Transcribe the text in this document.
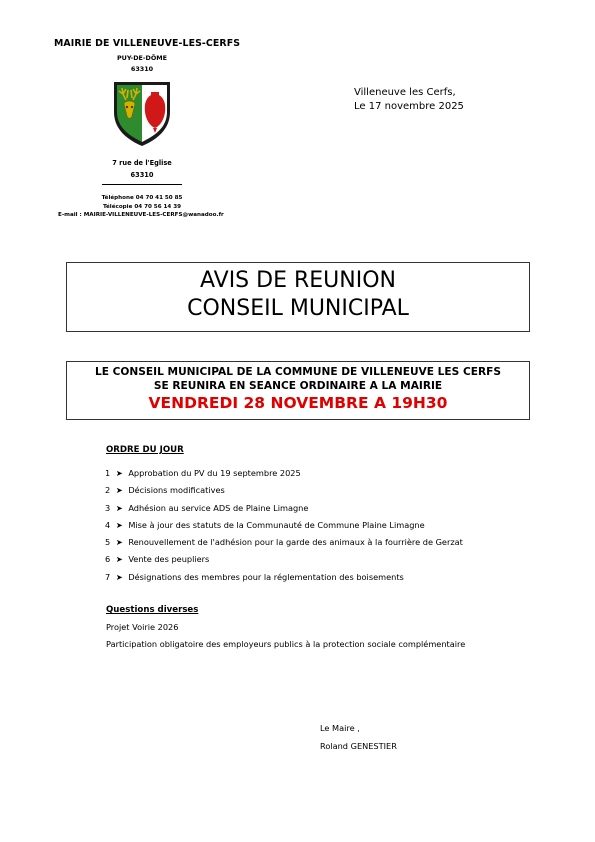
MAIRIE DE VILLENEUVE-LES-CERFS
PUY-DE-DÔME
63310
7 rue de l'Eglise
63310
Téléphone 04 70 41 50 85
Télécopie 04 70 56 14 39
E-mail : MAIRIE-VILLENEUVE-LES-CERFS@wanadoo.fr
Villeneuve les Cerfs,
Le 17 novembre 2025
AVIS DE REUNION
CONSEIL MUNICIPAL
LE CONSEIL MUNICIPAL DE LA COMMUNE DE VILLENEUVE LES CERFS
SE REUNIRA EN SEANCE ORDINAIRE A LA MAIRIE
VENDREDI 28 NOVEMBRE A 19H30
ORDRE DU JOUR
1 ➤ Approbation du PV du 19 septembre 2025
2 ➤ Décisions modificatives
3 ➤ Adhésion au service ADS de Plaine Limagne
4 ➤ Mise à jour des statuts de la Communauté de Commune Plaine Limagne
5 ➤ Renouvellement de l'adhésion pour la garde des animaux à la fourrière de Gerzat
6 ➤ Vente des peupliers
7 ➤ Désignations des membres pour la réglementation des boisements
Questions diverses
Projet Voirie 2026
Participation obligatoire des employeurs publics à la protection sociale complémentaire
Le Maire ,
Roland GENESTIER
